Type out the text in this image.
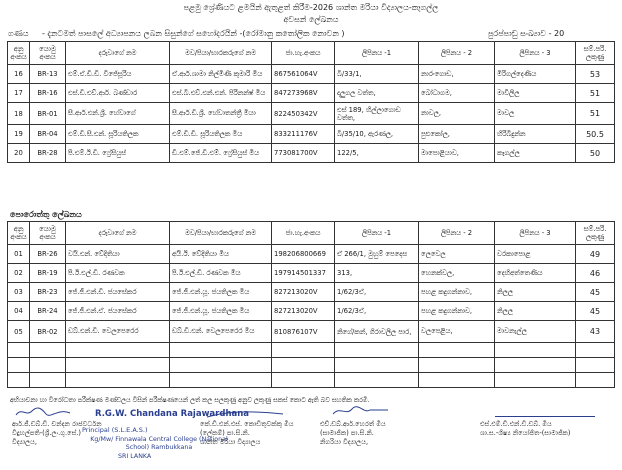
පළමු ශ්‍රේණියට ළමයින් ඇතුළත් කිරීම-2026 ශාන්ත මරියා විද්‍යාලය-කෑගල්ල
අවසන් ලේඛනය
ගණය - දැනටමත් පාසලේ අධ්‍යාපනය ලබන සිසුන්ගේ සහෝදරයින් -(රෝමානු කතෝලික නොවන )	පුරප්පාඩු සංඛ්‍යාව - 20
අනු අංකය	යොමු අංකය	දරුවාගේ නම	මව/පියා/භාරකරුගේ නම	ජා.හැ.අංකය	ලිපිනය -1	ලිපිනය - 2	ලිපිනය - 3	සම්.පරි. ලකුණු
16	BR-13	එම්.ඒ.ඩී.ඩී. විජේසූරිය	ඒ.ආර්.ශාමා නිල්මිණී කුමාරි මිය	867561064V	බී/33/1,	නාරංගොඩ,	මිරිගල්දෙණිය	53
17	BR-16	එස්.ඩී.එච්.ආර්. බණ්ඩාර	එස්.බී.එච්.එන්.එන්. පිරිනන්ෂ් මිය	847273968V	දලුගල වත්ත,	බෝධාගම,	මාවිලිල	51
18	BR-01	සී.ආර්.එන්.ශ්‍රී. හේවාගේ	සී.ආර්.ඩී.ශ්‍රී. හේවාතන්ත්‍රී මියා	822450342V	එස් 189, හිල්ලාගොඩ වත්ත,	නාවල,	මාවල	51
19	BR-04	එම්.ඩී.සී.එන්. සූරියතිලක	එම්.ඩී.ඩී. සූරියතිලක මිය	833211176V	බී/35/10, ඇරණල,	පුළුකෝල,	හිරිබිදුන්න	50.5
20	BR-28	පී.එම්.ඊ.ඩී. ෆ්‍රේසියුස්	ඩී.එම්.ජේ.ඩී.එම්. ෆ්‍රේසියුස් මිය	773081700V	122/5,	මාපොළියාව,	කෑගල්ල	50
පොරොත්තු ලේඛනය
අනු අංකය	යොමු අංකය	දරුවාගේ නම	මව/පියා/භාරකරුගේ නම	ජා.හැ.අංකය	ලිපිනය -1	ලිපිනය - 2	ලිපිනය - 3	සම්.පරි. ලකුණු
01	BR-26	වයි.එන්. වේදිතියා	අයි.ඊ. වේදිතියා මිය	198206800669	ඒ 266/1, මුහුම් පෙදෙස	ලෙවෙල	වරකාපොළ	49
02	BR-19	පී.ඊ.එල්.ඩී. රණවක	පී.ඊ.එල්.ඩී. රණවක මිය	197914501337	313,	හෙනක්වල,	දෙහිඅත්තෙණිය	46
03	BR-23	ජේ.ජී.එන්.ඩී. ජයසේකර	ජේ.ජී.එන්.යූ. ජයතිලක මිය	827213020V	1/62/3ඒ,	පහළ කදුගන්නාව,	නිලල	45
04	BR-24	ජේ.ජී.එන්.ඒ. ජයසේකර	ජේ.ජී.එන්.යූ. ජයතිලක මිය	827213020V	1/62/3ඒ,	පහළ කදුගන්නාව,	නිලල	45
05	BR-02	ඩබ්.එන්.ඩී. වෙලපෙරෙර	ඩබ්.ඩී.එන්. වෙලපෙරෙර මිය	810876107V	නිගේ/කන්, ගිරාවලිල පාර,	වලපෙළිය,	මාවනැල්ල	43

අභියාචනා හා විරෝධතා පරීක්ෂණ මණ්ඩලය විසින් පරීක්ෂණයෙන් ලත් කල සලකුණු අනුව ලකුණු සකස් කොට ඇති බව සහතික කරමි.
R.G.W. Chandana Rajawardhana
Principal (S.L.E.A.S.)
Kg/Mw/ Finnawala Central College (National School) Rambukkana
SRI LANKA
ආර්.ජී.ඩබ්.ඩී. චන්දන රාජවර්ධන
විදුහල්පති-(ශ්‍රී.ලං.ගු.සේ.)
විද්‍යාලය,
කේ.ඩී.එන්.එස්. කොඩිතුවක්කු මිය
(ලේකම්) පා.සි.නි.
ශාන්ත මරියා විද්‍යාලය
එච්.ඩබ්.ආර්.හෙරත් මිය
(සාමාජික) පා.සි.නි.
නිගරියා විද්‍යාලය,
එස්.එම්.ඩී.එන්.ඩී.ඩබ්. මිය
ශා.ස.-ශිෂ්‍ය නියෝජිත-(සාමාජික)
